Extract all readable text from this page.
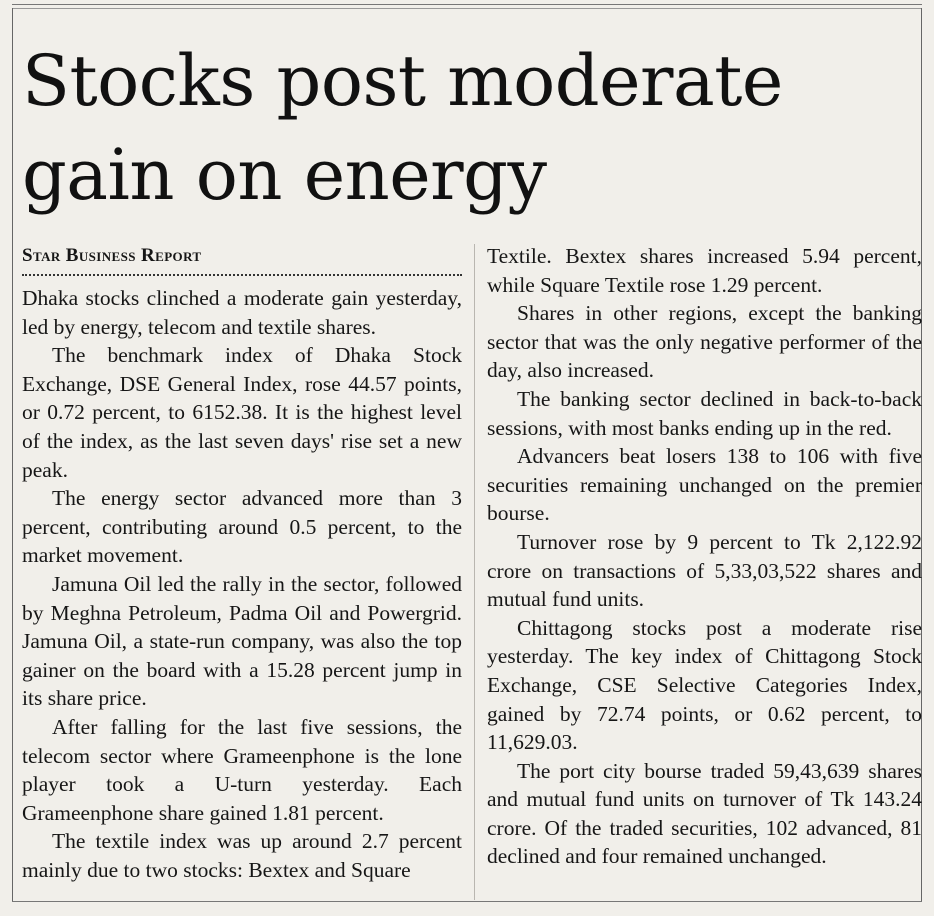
Stocks post moderate gain on energy
Star Business Report

Dhaka stocks clinched a moderate gain yesterday, led by energy, telecom and textile shares.

The benchmark index of Dhaka Stock Exchange, DSE General Index, rose 44.57 points, or 0.72 percent, to 6152.38. It is the highest level of the index, as the last seven days' rise set a new peak.

The energy sector advanced more than 3 percent, contributing around 0.5 percent, to the market movement.

Jamuna Oil led the rally in the sector, followed by Meghna Petroleum, Padma Oil and Powergrid. Jamuna Oil, a state-run company, was also the top gainer on the board with a 15.28 percent jump in its share price.

After falling for the last five sessions, the telecom sector where Grameenphone is the lone player took a U-turn yesterday. Each Grameenphone share gained 1.81 percent.

The textile index was up around 2.7 percent mainly due to two stocks: Bextex and Square

Textile. Bextex shares increased 5.94 percent, while Square Textile rose 1.29 percent.

Shares in other regions, except the banking sector that was the only negative performer of the day, also increased.

The banking sector declined in back-to-back sessions, with most banks ending up in the red.

Advancers beat losers 138 to 106 with five securities remaining unchanged on the premier bourse.

Turnover rose by 9 percent to Tk 2,122.92 crore on transactions of 5,33,03,522 shares and mutual fund units.

Chittagong stocks post a moderate rise yesterday. The key index of Chittagong Stock Exchange, CSE Selective Categories Index, gained by 72.74 points, or 0.62 percent, to 11,629.03.

The port city bourse traded 59,43,639 shares and mutual fund units on turnover of Tk 143.24 crore. Of the traded securities, 102 advanced, 81 declined and four remained unchanged.
